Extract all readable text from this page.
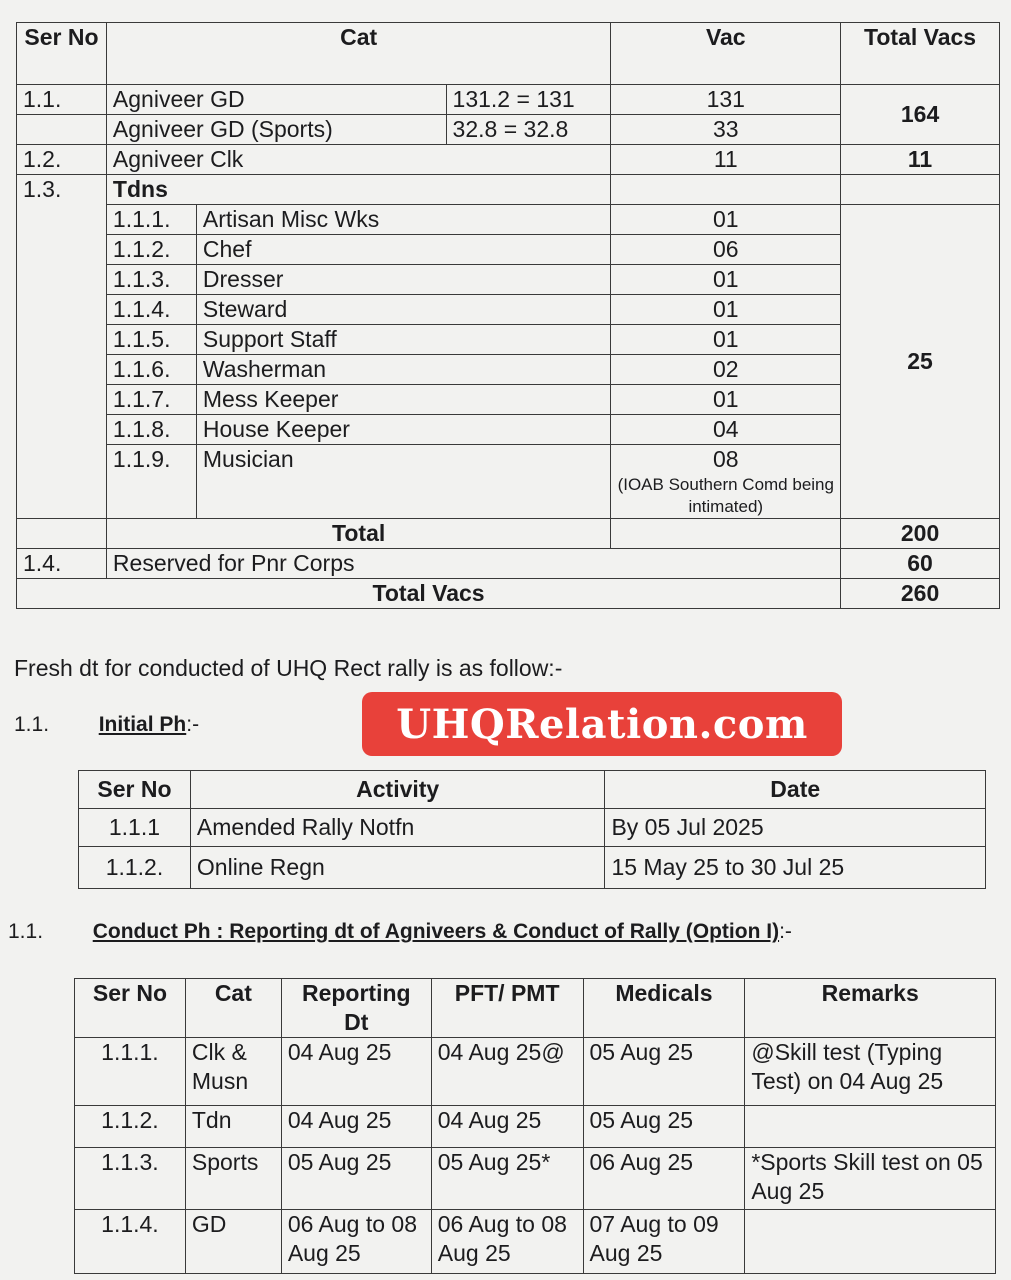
Ser No	Cat			Vac	Total Vacs
1.1.	Agniveer GD		131.2 = 131	131	164
	Agniveer GD (Sports)		32.8 = 32.8	33	
1.2.	Agniveer Clk			11	11
1.3.	Tdns				
	1.1.1.	Artisan Misc Wks		01	25
	1.1.2.	Chef		06	
	1.1.3.	Dresser		01	
	1.1.4.	Steward		01	
	1.1.5.	Support Staff		01	
	1.1.6.	Washerman		02	
	1.1.7.	Mess Keeper		01	
	1.1.8.	House Keeper		04	
	1.1.9.	Musician		08
(IOAB Southern Comd being intimated)	

	Total				200
1.4.	Reserved for Pnr Corps				60
Total Vacs					260
Fresh dt for conducted of UHQ Rect rally is as follow:-
1.1. Initial Ph:-	UHQRelation.com
Ser No	Activity	Date
1.1.1	Amended Rally Notfn	By 05 Jul 2025
1.1.2.	Online Regn	15 May 25 to 30 Jul 25
1.1. Conduct Ph : Reporting dt of Agniveers & Conduct of Rally (Option I):-
Ser No	Cat	Reporting Dt	PFT/ PMT	Medicals	Remarks
1.1.1.	Clk & Musn	04 Aug 25	04 Aug 25@	05 Aug 25	@Skill test (Typing Test) on 04 Aug 25
1.1.2.	Tdn	04 Aug 25	04 Aug 25	05 Aug 25	
1.1.3.	Sports	05 Aug 25	05 Aug 25*	06 Aug 25	*Sports Skill test on 05 Aug 25
1.1.4.	GD	06 Aug to 08 Aug 25	06 Aug to 08 Aug 25	07 Aug to 09 Aug 25	
